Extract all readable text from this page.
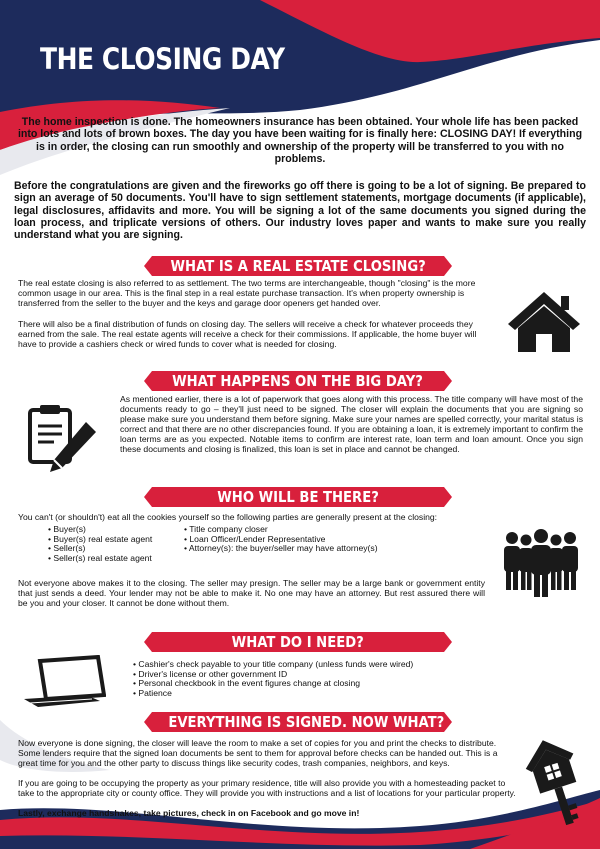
THE CLOSING DAY

The home inspection is done. The homeowners insurance has been obtained. Your whole life has been packed into lots and lots of brown boxes. The day you have been waiting for is finally here: CLOSING DAY! If everything is in order, the closing can run smoothly and ownership of the property will be transferred to you with no problems.

Before the congratulations are given and the fireworks go off there is going to be a lot of signing. Be prepared to sign an average of 50 documents. You'll have to sign settlement statements, mortgage documents (if applicable), legal disclosures, affidavits and more. You will be signing a lot of the same documents you signed during the loan process, and triplicate versions of others. Our industry loves paper and wants to make sure you really understand what you are signing.

WHAT IS A REAL ESTATE CLOSING?

The real estate closing is also referred to as settlement. The two terms are interchangeable, though "closing" is the more common usage in our area. This is the final step in a real estate purchase transaction. It's when property ownership is transferred from the seller to the buyer and the keys and garage door openers get handed over.

There will also be a final distribution of funds on closing day. The sellers will receive a check for whatever proceeds they earned from the sale. The real estate agents will receive a check for their commissions. If applicable, the home buyer will have to provide a cashiers check or wired funds to cover what is needed for closing.

WHAT HAPPENS ON THE BIG DAY?

As mentioned earlier, there is a lot of paperwork that goes along with this process. The title company will have most of the documents ready to go – they'll just need to be signed. The closer will explain the documents that you are signing so please make sure you understand them before signing. Make sure your names are spelled correctly, your marital status is correct and that there are no other discrepancies found. If you are obtaining a loan, it is extremely important to confirm the loan terms are as you expected. Notable items to confirm are interest rate, loan term and loan amount. Once you sign these documents and closing is finalized, this loan is set in place and cannot be changed.

WHO WILL BE THERE?

You can't (or shouldn't) eat all the cookies yourself so the following parties are generally present at the closing:

• Buyer(s)
• Buyer(s) real estate agent
• Seller(s)
• Seller(s) real estate agent
• Title company closer
• Loan Officer/Lender Representative
• Attorney(s): the buyer/seller may have attorney(s)

Not everyone above makes it to the closing. The seller may presign. The seller may be a large bank or government entity that just sends a deed. Your lender may not be able to make it. No one may have an attorney. But rest assured there will be you and your closer. It cannot be done without them.

WHAT DO I NEED?
• Cashier's check payable to your title company (unless funds were wired)
• Driver's license or other government ID
• Personal checkbook in the event figures change at closing
• Patience
EVERYTHING IS SIGNED. NOW WHAT?

Now everyone is done signing, the closer will leave the room to make a set of copies for you and print the checks to distribute. Some lenders require that the signed loan documents be sent to them for approval before checks can be handed out. This is a great time for you and the other party to discuss things like security codes, trash companies, neighbors, and keys.

If you are going to be occupying the property as your primary residence, title will also provide you with a homesteading packet to take to the appropriate city or county office. They will provide you with instructions and a list of locations for your particular property.

Lastly, exchange handshakes, take pictures, check in on Facebook and go move in!
